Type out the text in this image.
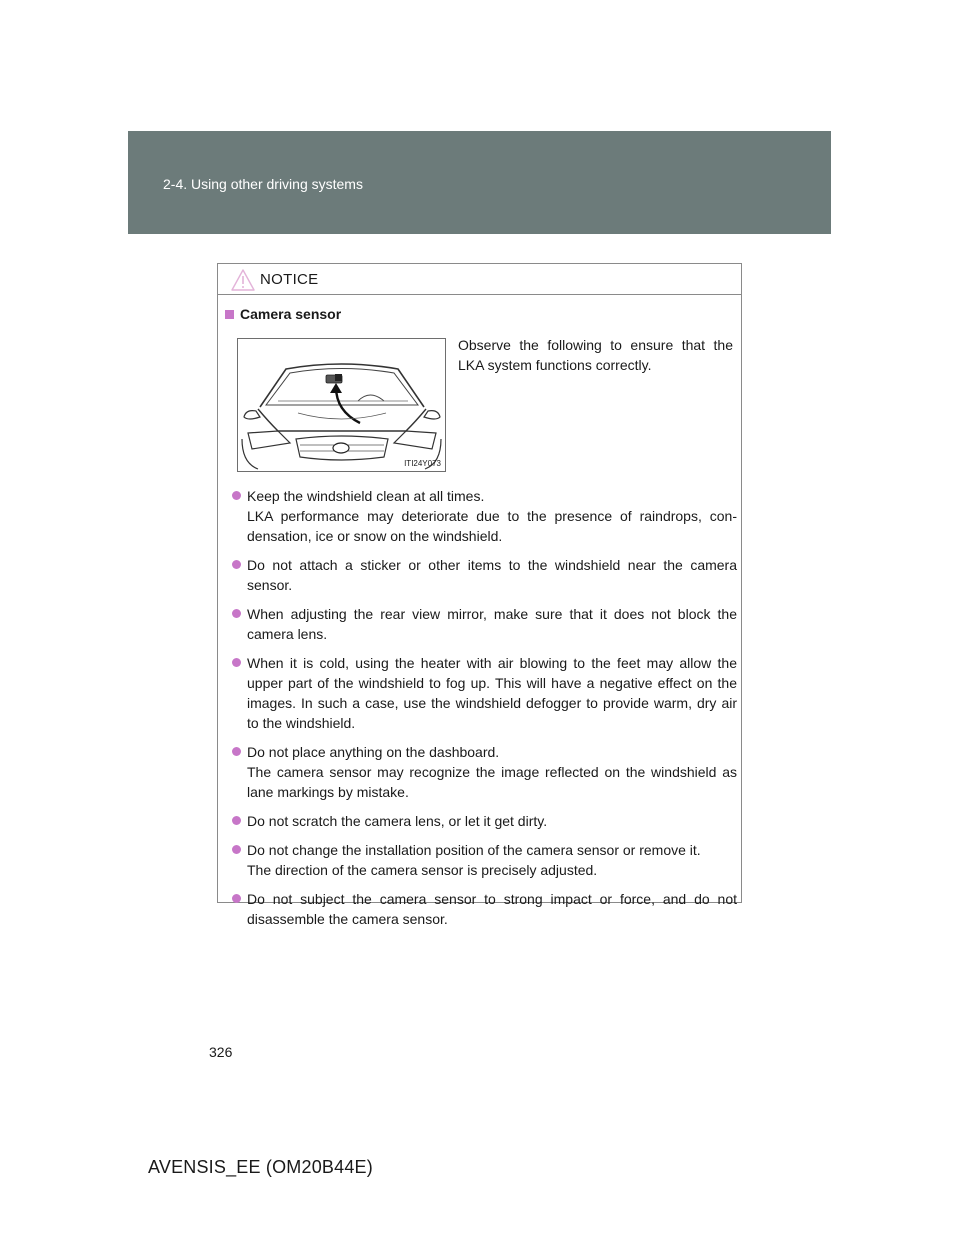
2-4. Using other driving systems
NOTICE
Camera sensor
ITI24Y073
Observe the following to ensure that the LKA system functions correctly.
Keep the windshield clean at all times.
LKA performance may deteriorate due to the presence of raindrops, con-densation, ice or snow on the windshield.
Do not attach a sticker or other items to the windshield near the camera sensor.
When adjusting the rear view mirror, make sure that it does not block the camera lens.
When it is cold, using the heater with air blowing to the feet may allow the upper part of the windshield to fog up. This will have a negative effect on the images. In such a case, use the windshield defogger to provide warm, dry air to the windshield.
Do not place anything on the dashboard.
The camera sensor may recognize the image reflected on the windshield as lane markings by mistake.
Do not scratch the camera lens, or let it get dirty.
Do not change the installation position of the camera sensor or remove it.
The direction of the camera sensor is precisely adjusted.
Do not subject the camera sensor to strong impact or force, and do not disassemble the camera sensor.
326
AVENSIS_EE (OM20B44E)
